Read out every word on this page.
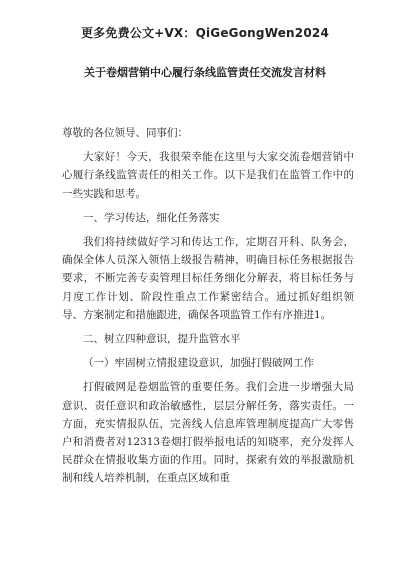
更多免费公文+VX：QiGeGongWen2024
关于卷烟营销中心履行条线监管责任交流发言材料

尊敬的各位领导、同事们：

大家好！今天，我很荣幸能在这里与大家交流卷烟营销中心履行条线监管责任的相关工作。以下是我们在监管工作中的一些实践和思考。

一、学习传达，细化任务落实

我们将持续做好学习和传达工作，定期召开科、队务会，确保全体人员深入领悟上级报告精神，明确目标任务根据报告要求，不断完善专卖管理目标任务细化分解表，将目标任务与月度工作计划、阶段性重点工作紧密结合。通过抓好组织领导、方案制定和措施跟进，确保各项监管工作有序推进1。

二、树立四种意识，提升监管水平

（一）牢固树立情报建设意识，加强打假破网工作

打假破网是卷烟监管的重要任务。我们会进一步增强大局意识、责任意识和政治敏感性，层层分解任务，落实责任。一方面，充实情报队伍，完善线人信息库管理制度提高广大零售户和消费者对12313卷烟打假举报电话的知晓率，充分发挥人民群众在情报收集方面的作用。同时，探索有效的举报激励机制和线人培养机制，在重点区域和重
